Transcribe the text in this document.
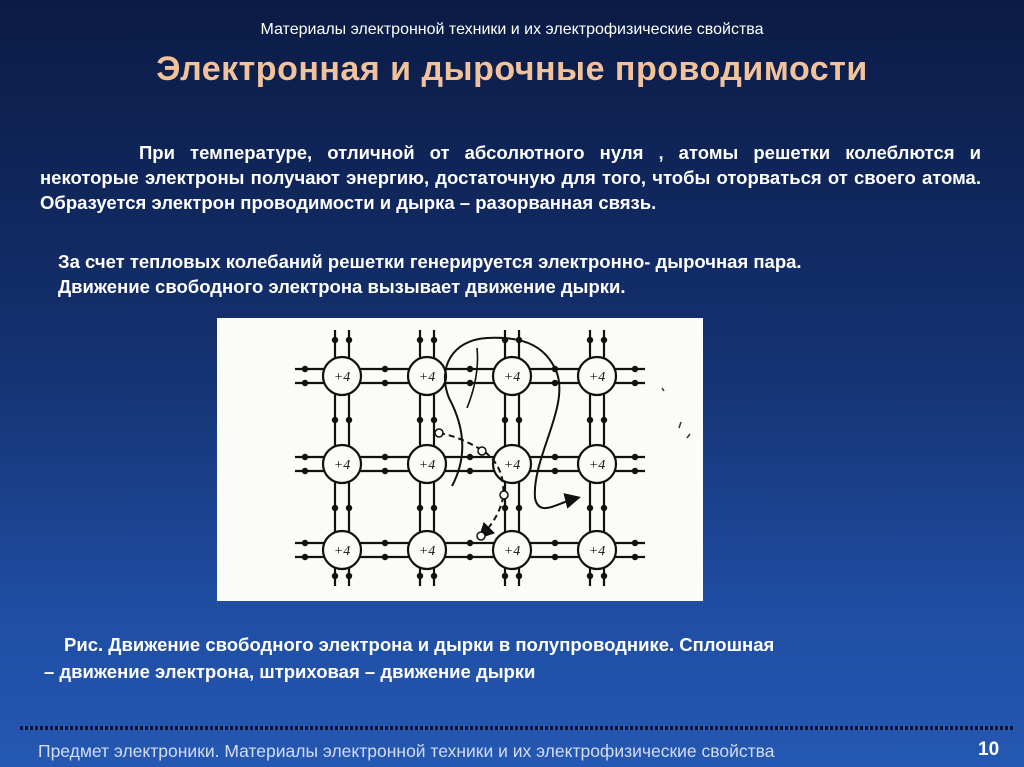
Материалы электронной техники и их электрофизические свойства
Электронная и дырочные проводимости
При температуре, отличной от абсолютного нуля , атомы решетки колеблются и некоторые электроны получают энергию, достаточную для того, чтобы оторваться от своего атома. Образуется электрон проводимости и дырка – разорванная связь.
За счет тепловых колебаний решетки генерируется электронно- дырочная пара.
Движение свободного электрона вызывает движение дырки.
+4	+4	+4	+4
+4	+4	+4	+4
+4	+4	+4	+4
Рис. Движение свободного электрона и дырки в полупроводнике. Сплошная
– движение электрона, штриховая – движение дырки
Предмет электроники. Материалы электронной техники и их электрофизические свойства	10
